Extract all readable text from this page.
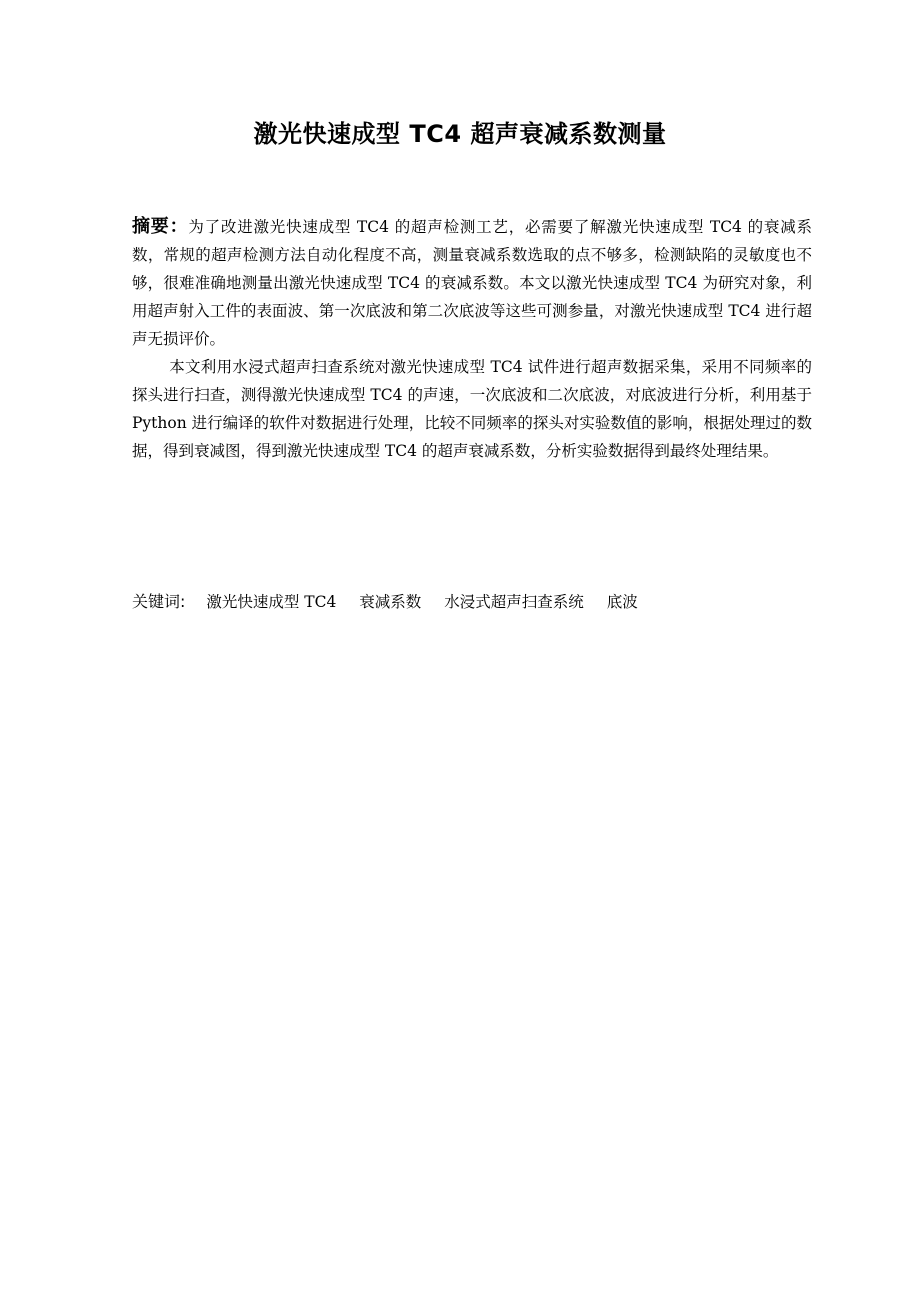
激光快速成型 TC4 超声衰减系数测量

摘要：为了改进激光快速成型 TC4 的超声检测工艺，必需要了解激光快速成型 TC4 的衰减系数，常规的超声检测方法自动化程度不高，测量衰减系数选取的点不够多，检测缺陷的灵敏度也不够，很难准确地测量出激光快速成型 TC4 的衰减系数。本文以激光快速成型 TC4 为研究对象，利用超声射入工件的表面波、第一次底波和第二次底波等这些可测参量，对激光快速成型 TC4 进行超声无损评价。

本文利用水浸式超声扫查系统对激光快速成型 TC4 试件进行超声数据采集，采用不同频率的探头进行扫查，测得激光快速成型 TC4 的声速，一次底波和二次底波，对底波进行分析，利用基于 Python 进行编译的软件对数据进行处理，比较不同频率的探头对实验数值的影响，根据处理过的数据，得到衰减图，得到激光快速成型 TC4 的超声衰减系数，分析实验数据得到最终处理结果。

关键词: 激光快速成型 TC4 衰减系数 水浸式超声扫查系统 底波
